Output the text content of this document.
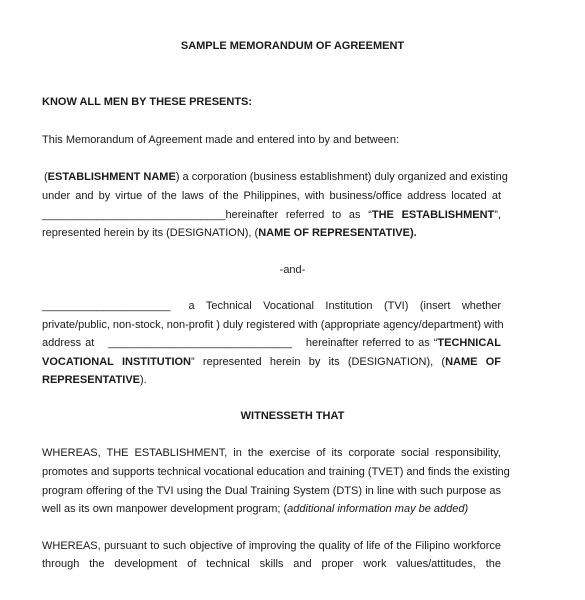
SAMPLE MEMORANDUM OF AGREEMENT
KNOW ALL MEN BY THESE PRESENTS:
This Memorandum of Agreement made and entered into by and between:
(ESTABLISHMENT NAME) a corporation (business establishment) duly organized and existing
under and by virtue of the laws of the Philippines, with business/office address located at
______________________________hereinafter referred to as “THE ESTABLISHMENT”,
represented herein by its (DESIGNATION), (NAME OF REPRESENTATIVE).
-and-
_____________________ a Technical Vocational Institution (TVI) (insert whether
private/public, non-stock, non-profit ) duly registered with (appropriate agency/department) with
address at ______________________________ hereinafter referred to as “TECHNICAL
VOCATIONAL INSTITUTION” represented herein by its (DESIGNATION), (NAME OF
REPRESENTATIVE).
WITNESSETH THAT
WHEREAS, THE ESTABLISHMENT, in the exercise of its corporate social responsibility,
promotes and supports technical vocational education and training (TVET) and finds the existing
program offering of the TVI using the Dual Training System (DTS) in line with such purpose as
well as its own manpower development program; (additional information may be added)
WHEREAS, pursuant to such objective of improving the quality of life of the Filipino workforce
through the development of technical skills and proper work values/attitudes, the
